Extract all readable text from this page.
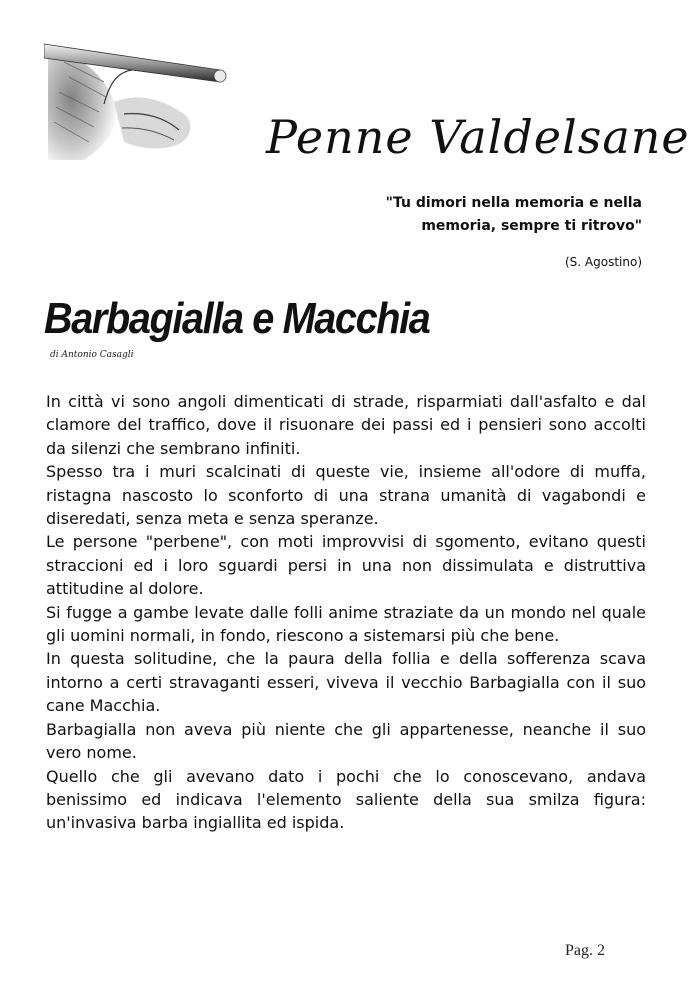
Penne Valdelsane
"Tu dimori nella memoria e nella memoria, sempre ti ritrovo"
(S. Agostino)
Barbagialla e Macchia
di Antonio Casagli

In città vi sono angoli dimenticati di strade, risparmiati dall'asfalto e dal clamore del traffico, dove il risuonare dei passi ed i pensieri sono accolti da silenzi che sembrano infiniti.

Spesso tra i muri scalcinati di queste vie, insieme all'odore di muffa, ristagna nascosto lo sconforto di una strana umanità di vagabondi e diseredati, senza meta e senza speranze.

Le persone "perbene", con moti improvvisi di sgomento, evitano questi straccioni ed i loro sguardi persi in una non dissimulata e distruttiva attitudine al dolore.

Si fugge a gambe levate dalle folli anime straziate da un mondo nel quale gli uomini normali, in fondo, riescono a sistemarsi più che bene.

In questa solitudine, che la paura della follia e della sofferenza scava intorno a certi stravaganti esseri, viveva il vecchio Barbagialla con il suo cane Macchia.

Barbagialla non aveva più niente che gli appartenesse, neanche il suo vero nome.

Quello che gli avevano dato i pochi che lo conoscevano, andava benissimo ed indicava l'elemento saliente della sua smilza figura: un'invasiva barba ingiallita ed ispida.

Pag. 2
